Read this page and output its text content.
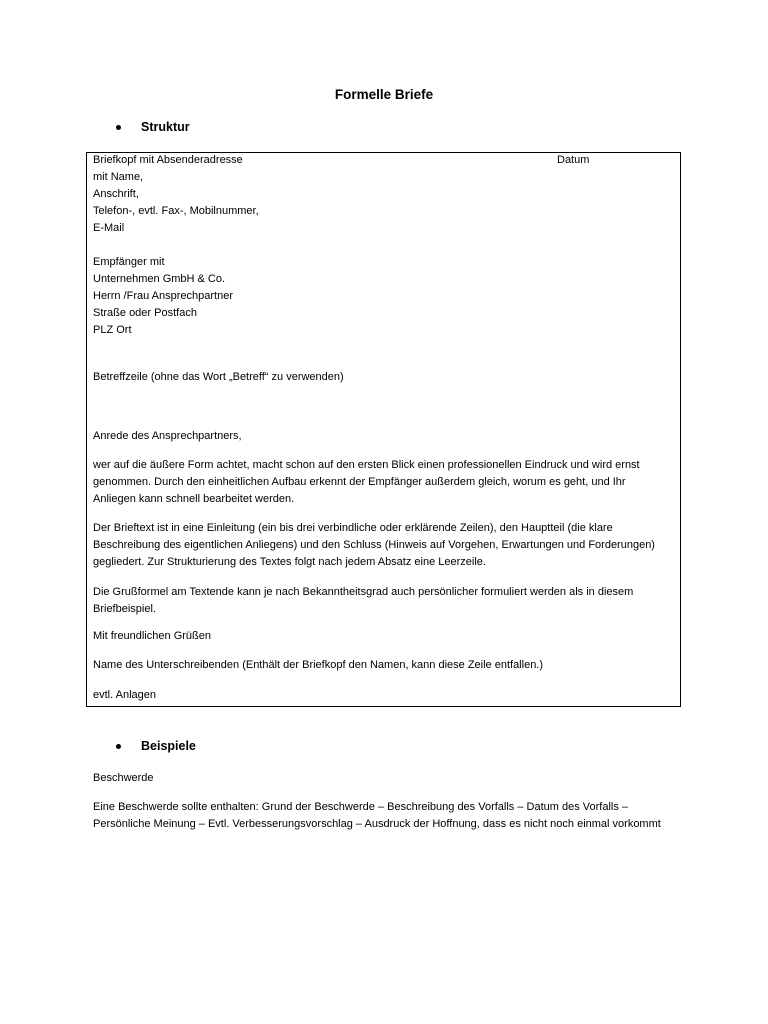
Formelle Briefe
Struktur
Briefkopf mit Absenderadresse	Datum
mit Name,
Anschrift,
Telefon-, evtl. Fax-, Mobilnummer,
E-Mail
Empfänger mit
Unternehmen GmbH & Co.
Herrn /Frau Ansprechpartner
Straße oder Postfach
PLZ Ort
Betreffzeile (ohne das Wort „Betreff“ zu verwenden)
Anrede des Ansprechpartners,
wer auf die äußere Form achtet, macht schon auf den ersten Blick einen professionellen Eindruck und wird ernst genommen. Durch den einheitlichen Aufbau erkennt der Empfänger außerdem gleich, worum es geht, und Ihr Anliegen kann schnell bearbeitet werden.
Der Brieftext ist in eine Einleitung (ein bis drei verbindliche oder erklärende Zeilen), den Hauptteil (die klare Beschreibung des eigentlichen Anliegens) und den Schluss (Hinweis auf Vorgehen, Erwartungen und Forderungen) gegliedert. Zur Strukturierung des Textes folgt nach jedem Absatz eine Leerzeile.
Die Grußformel am Textende kann je nach Bekanntheitsgrad auch persönlicher formuliert werden als in diesem Briefbeispiel.
Mit freundlichen Grüßen
Name des Unterschreibenden (Enthält der Briefkopf den Namen, kann diese Zeile entfallen.)
evtl. Anlagen
Beispiele
Beschwerde
Eine Beschwerde sollte enthalten: Grund der Beschwerde – Beschreibung des Vorfalls – Datum des Vorfalls – Persönliche Meinung – Evtl. Verbesserungsvorschlag – Ausdruck der Hoffnung, dass es nicht noch einmal vorkommt
